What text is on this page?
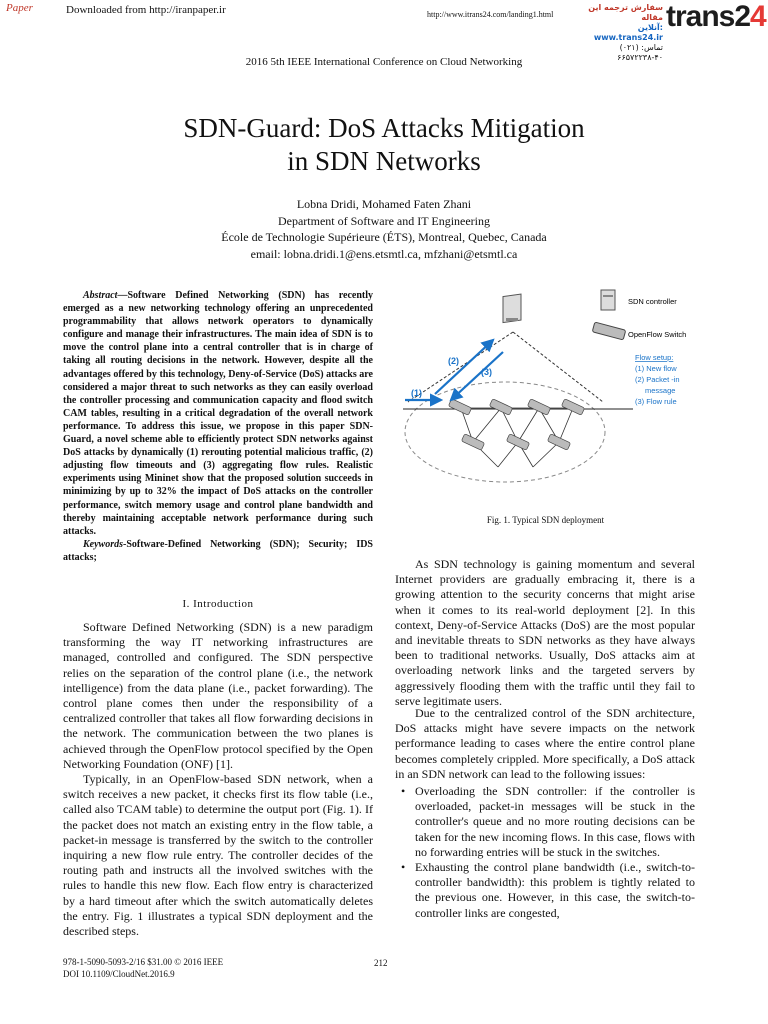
Paper	Downloaded from http://iranpaper.ir	http://www.itrans24.com/landing1.html
سفارش ترجمه این مقاله
آنلاین: www.trans24.ir
تماس: (۰۲۱) ۴۰-۶۶۵۷۲۲۳۸
trans24
2016 5th IEEE International Conference on Cloud Networking
SDN-Guard: DoS Attacks Mitigation
in SDN Networks
Lobna Dridi, Mohamed Faten Zhani
Department of Software and IT Engineering
École de Technologie Supérieure (ÉTS), Montreal, Quebec, Canada
email: lobna.dridi.1@ens.etsmtl.ca, mfzhani@etsmtl.ca
Abstract—Software Defined Networking (SDN) has recently emerged as a new networking technology offering an unprecedented programmability that allows network operators to dynamically configure and manage their infrastructures. The main idea of SDN is to move the control plane into a central controller that is in charge of taking all routing decisions in the network. However, despite all the advantages offered by this technology, Deny-of-Service (DoS) attacks are considered a major threat to such networks as they can easily overload the controller processing and communication capacity and flood switch CAM tables, resulting in a critical degradation of the overall network performance. To address this issue, we propose in this paper SDN-Guard, a novel scheme able to efficiently protect SDN networks against DoS attacks by dynamically (1) rerouting potential malicious traffic, (2) adjusting flow timeouts and (3) aggregating flow rules. Realistic experiments using Mininet show that the proposed solution succeeds in minimizing by up to 32% the impact of DoS attacks on the controller performance, switch memory usage and control plane bandwidth and thereby maintaining acceptable network performance during such attacks.
Keywords-Software-Defined Networking (SDN); Security; IDS attacks;
I. Introduction
Software Defined Networking (SDN) is a new paradigm transforming the way IT networking infrastructures are managed, controlled and configured. The SDN perspective relies on the separation of the control plane (i.e., the network intelligence) from the data plane (i.e., packet forwarding). The control plane comes then under the responsibility of a centralized controller that takes all flow forwarding decisions in the network. The communication between the two planes is achieved through the OpenFlow protocol specified by the Open Networking Foundation (ONF) [1].
Typically, in an OpenFlow-based SDN network, when a switch receives a new packet, it checks first its flow table (i.e., called also TCAM table) to determine the output port (Fig. 1). If the packet does not match an existing entry in the flow table, a packet-in message is transferred by the switch to the controller inquiring a new flow rule entry. The controller decides of the routing path and instructs all the involved switches with the rules to handle this new flow. Each flow entry is characterized by a hard timeout after which the switch automatically deletes the entry. Fig. 1 illustrates a typical SDN deployment and the described steps.
As SDN technology is gaining momentum and several Internet providers are gradually embracing it, there is a growing attention to the security concerns that might arise when it comes to its real-world deployment [2]. In this context, Deny-of-Service Attacks (DoS) are the most popular and inevitable threats to SDN networks as they have always been to traditional networks. Usually, DoS attacks aim at overloading network links and the targeted servers by aggressively flooding them with the traffic until they fail to serve legitimate users.
Due to the centralized control of the SDN architecture, DoS attacks might have severe impacts on the network performance leading to cases where the entire control plane becomes completely crippled. More specifically, a DoS attack in an SDN network can lead to the following issues:
• Overloading the SDN controller: if the controller is overloaded, packet-in messages will be stuck in the controller's queue and no more routing decisions can be taken for the new incoming flows. In this case, flows with no forwarding entries will be stuck in the switches.
• Exhausting the control plane bandwidth (i.e., switch-to-controller bandwidth): this problem is tightly related to the previous one. However, in this case, the switch-to-controller links are congested,
SDN controller
OpenFlow Switch
Flow setup:
(1) New flow
(2) Packet -in
message
(3) Flow rule
(1)
(2)
(3)
Fig. 1. Typical SDN deployment
978-1-5090-5093-2/16 $31.00 © 2016 IEEE
DOI 10.1109/CloudNet.2016.9
212
